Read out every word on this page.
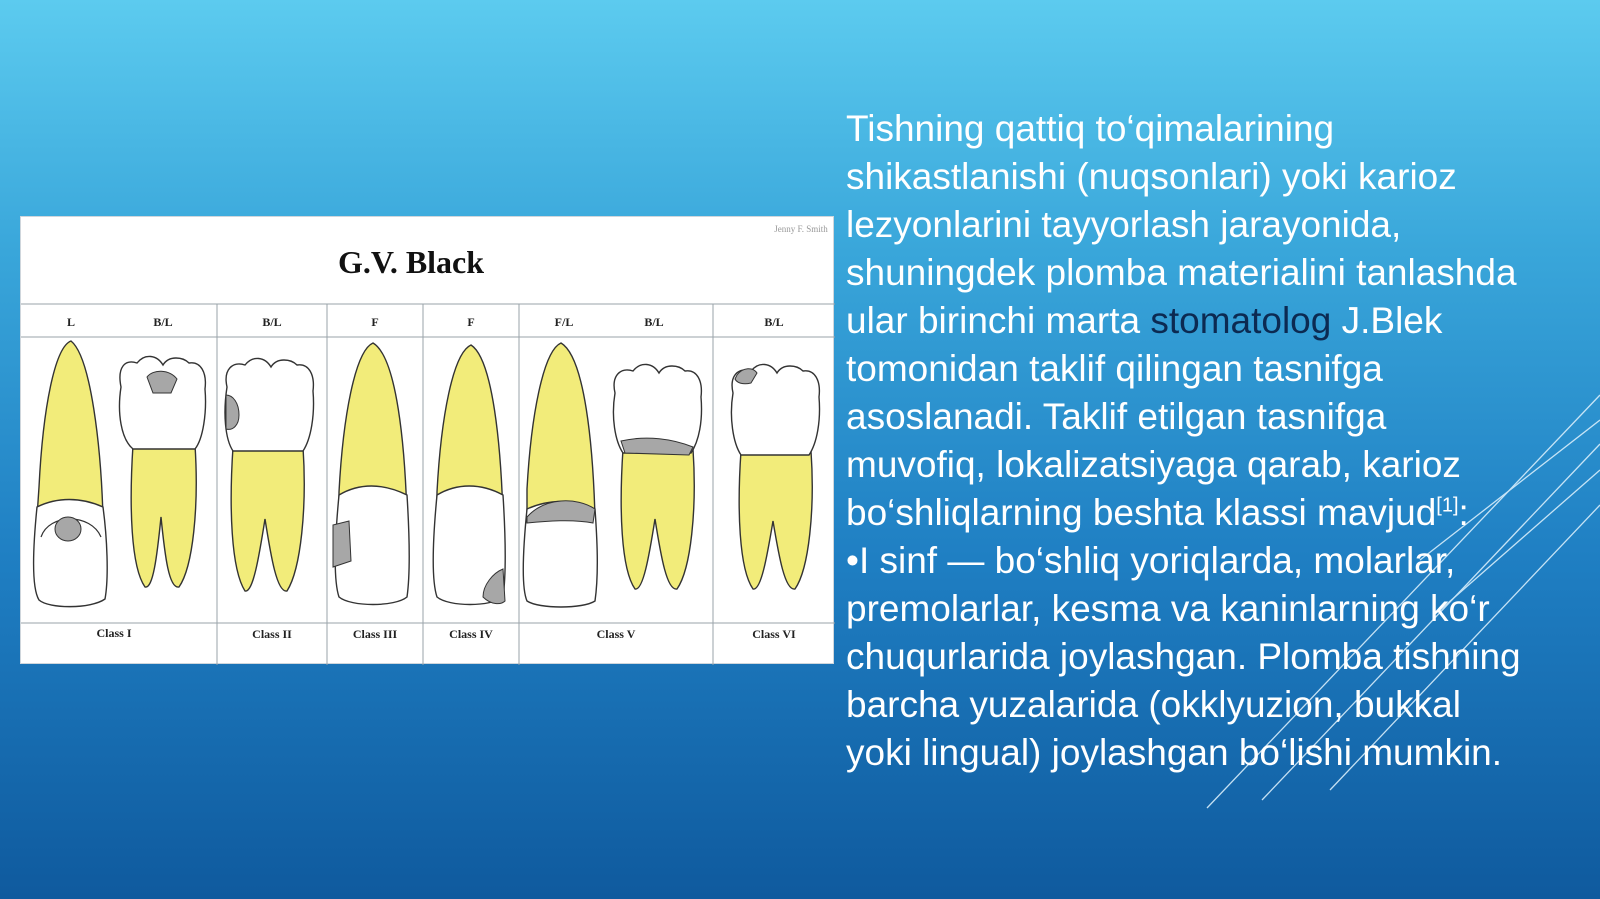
Jenny F. Smith
G.V. Black
L	B/L	B/L	F	F	F/L	B/L	B/L
Class I	Class II	Class III	Class IV	Class V	Class VI
Tishning qattiq to‘qimalarining
shikastlanishi (nuqsonlari) yoki karioz
lezyonlarini tayyorlash jarayonida,
shuningdek plomba materialini tanlashda
ular birinchi marta stomatolog J.Blek
tomonidan taklif qilingan tasnifga
asoslanadi. Taklif etilgan tasnifga
muvofiq, lokalizatsiyaga qarab, karioz
bo‘shliqlarning beshta klassi mavjud[1]:
•I sinf — bo‘shliq yoriqlarda, molarlar,
premolarlar, kesma va kaninlarning ko‘r
chuqurlarida joylashgan. Plomba tishning
barcha yuzalarida (okklyuzion, bukkal
yoki lingual) joylashgan bo‘lishi mumkin.
